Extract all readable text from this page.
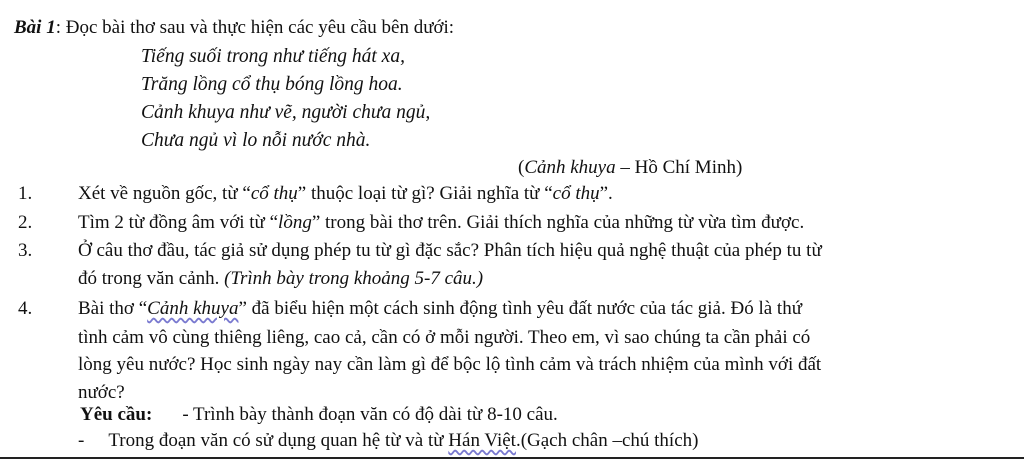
Bài 1: Đọc bài thơ sau và thực hiện các yêu cầu bên dưới:
Tiếng suối trong như tiếng hát xa,
Trăng lồng cổ thụ bóng lồng hoa.
Cảnh khuya như vẽ, người chưa ngủ,
Chưa ngủ vì lo nỗi nước nhà.
(Cảnh khuya – Hồ Chí Minh)
1. Xét về nguồn gốc, từ “cổ thụ” thuộc loại từ gì? Giải nghĩa từ “cổ thụ”.
2. Tìm 2 từ đồng âm với từ “lồng” trong bài thơ trên. Giải thích nghĩa của những từ vừa tìm được.
3. Ở câu thơ đầu, tác giả sử dụng phép tu từ gì đặc sắc? Phân tích hiệu quả nghệ thuật của phép tu từ
đó trong văn cảnh. (Trình bày trong khoảng 5-7 câu.)
4. Bài thơ “Cảnh khuya” đã biểu hiện một cách sinh động tình yêu đất nước của tác giả. Đó là thứ
tình cảm vô cùng thiêng liêng, cao cả, cần có ở mỗi người. Theo em, vì sao chúng ta cần phải có
lòng yêu nước? Học sinh ngày nay cần làm gì để bộc lộ tình cảm và trách nhiệm của mình với đất
nước?
Yêu cầu: - Trình bày thành đoạn văn có độ dài từ 8-10 câu.
- Trong đoạn văn có sử dụng quan hệ từ và từ Hán Việt.(Gạch chân –chú thích)
